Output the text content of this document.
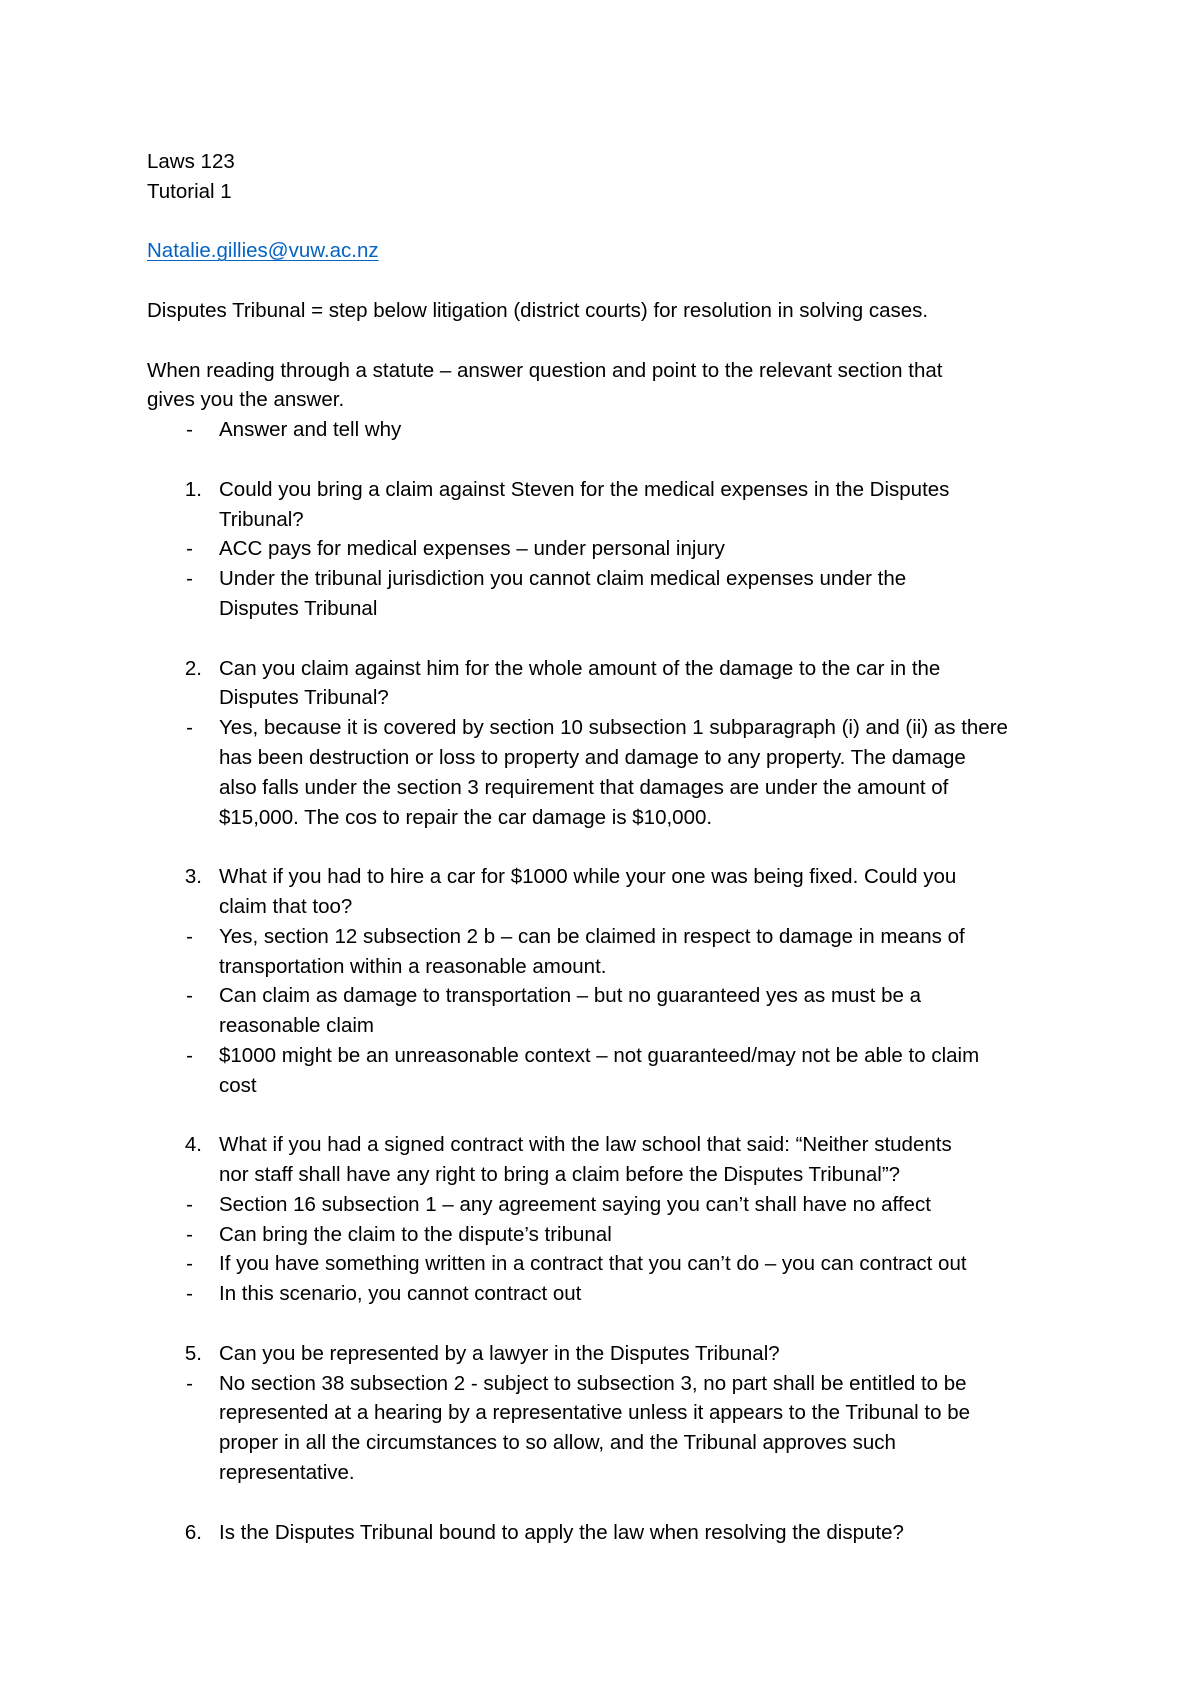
Laws 123
Tutorial 1
Natalie.gillies@vuw.ac.nz
Disputes Tribunal = step below litigation (district courts) for resolution in solving cases.
When reading through a statute – answer question and point to the relevant section that
gives you the answer.
-	Answer and tell why
1. Could you bring a claim against Steven for the medical expenses in the Disputes
Tribunal?
-	ACC pays for medical expenses – under personal injury
-	Under the tribunal jurisdiction you cannot claim medical expenses under the
Disputes Tribunal
2. Can you claim against him for the whole amount of the damage to the car in the
Disputes Tribunal?
-	Yes, because it is covered by section 10 subsection 1 subparagraph (i) and (ii) as there
has been destruction or loss to property and damage to any property. The damage
also falls under the section 3 requirement that damages are under the amount of
$15,000. The cos to repair the car damage is $10,000.
3. What if you had to hire a car for $1000 while your one was being fixed. Could you
claim that too?
-	Yes, section 12 subsection 2 b – can be claimed in respect to damage in means of
transportation within a reasonable amount.
-	Can claim as damage to transportation – but no guaranteed yes as must be a
reasonable claim
-	$1000 might be an unreasonable context – not guaranteed/may not be able to claim
cost
4. What if you had a signed contract with the law school that said: “Neither students
nor staff shall have any right to bring a claim before the Disputes Tribunal”?
-	Section 16 subsection 1 – any agreement saying you can’t shall have no affect
-	Can bring the claim to the dispute’s tribunal
-	If you have something written in a contract that you can’t do – you can contract out
-	In this scenario, you cannot contract out
5. Can you be represented by a lawyer in the Disputes Tribunal?
-	No section 38 subsection 2 - subject to subsection 3, no part shall be entitled to be
represented at a hearing by a representative unless it appears to the Tribunal to be
proper in all the circumstances to so allow, and the Tribunal approves such
representative.
6. Is the Disputes Tribunal bound to apply the law when resolving the dispute?
